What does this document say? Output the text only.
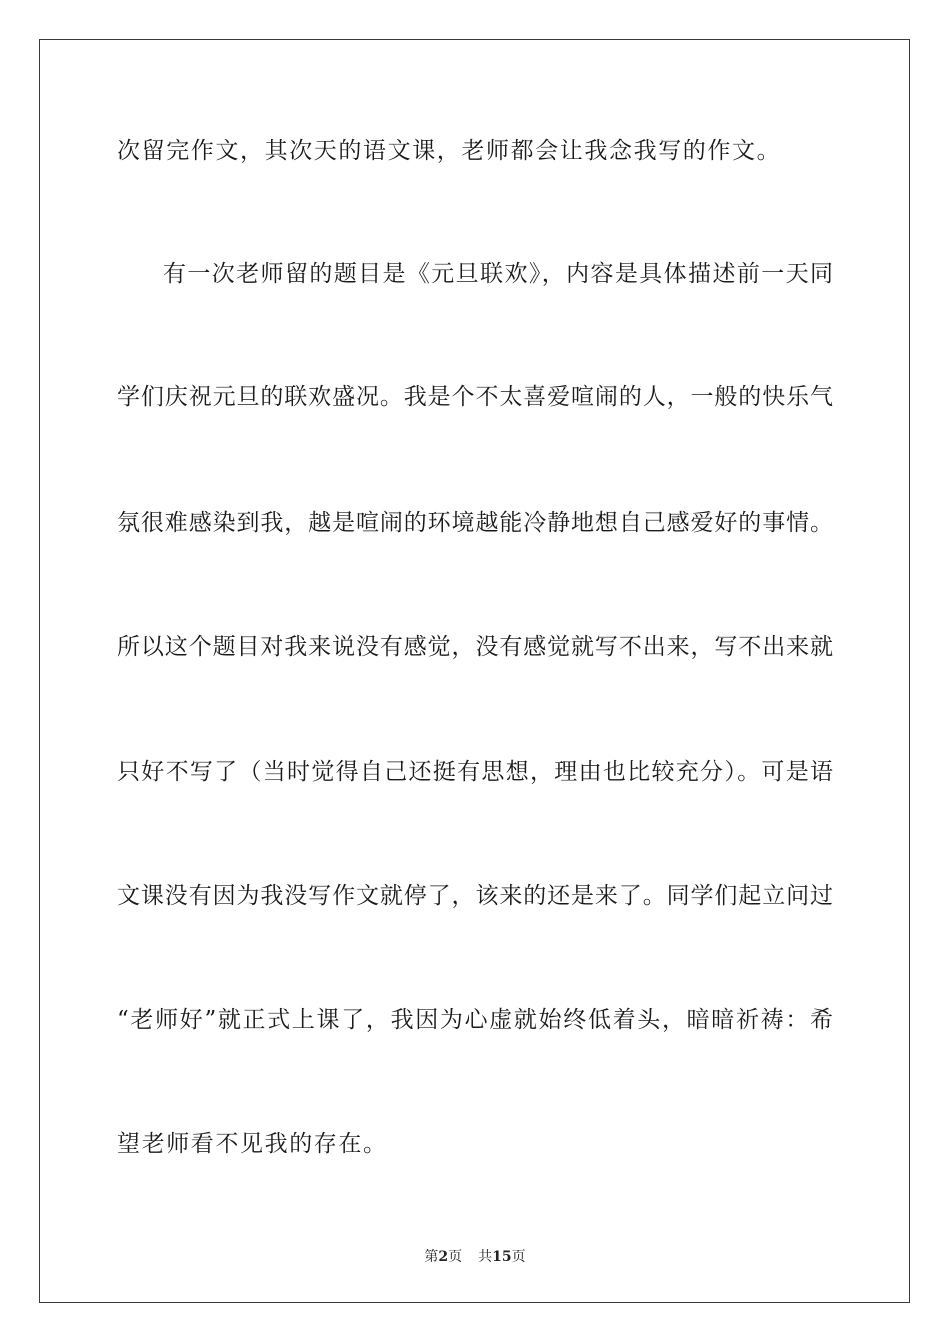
次留完作文，其次天的语文课，老师都会让我念我写的作文。
有一次老师留的题目是《元旦联欢》，内容是具体描述前一天同
学们庆祝元旦的联欢盛况。我是个不太喜爱喧闹的人，一般的快乐气
氛很难感染到我，越是喧闹的环境越能冷静地想自己感爱好的事情。
所以这个题目对我来说没有感觉，没有感觉就写不出来，写不出来就
只好不写了（当时觉得自己还挺有思想，理由也比较充分）。可是语
文课没有因为我没写作文就停了，该来的还是来了。同学们起立问过
“老师好”就正式上课了，我因为心虚就始终低着头，暗暗祈祷：希
望老师看不见我的存在。
第2页 共15页
